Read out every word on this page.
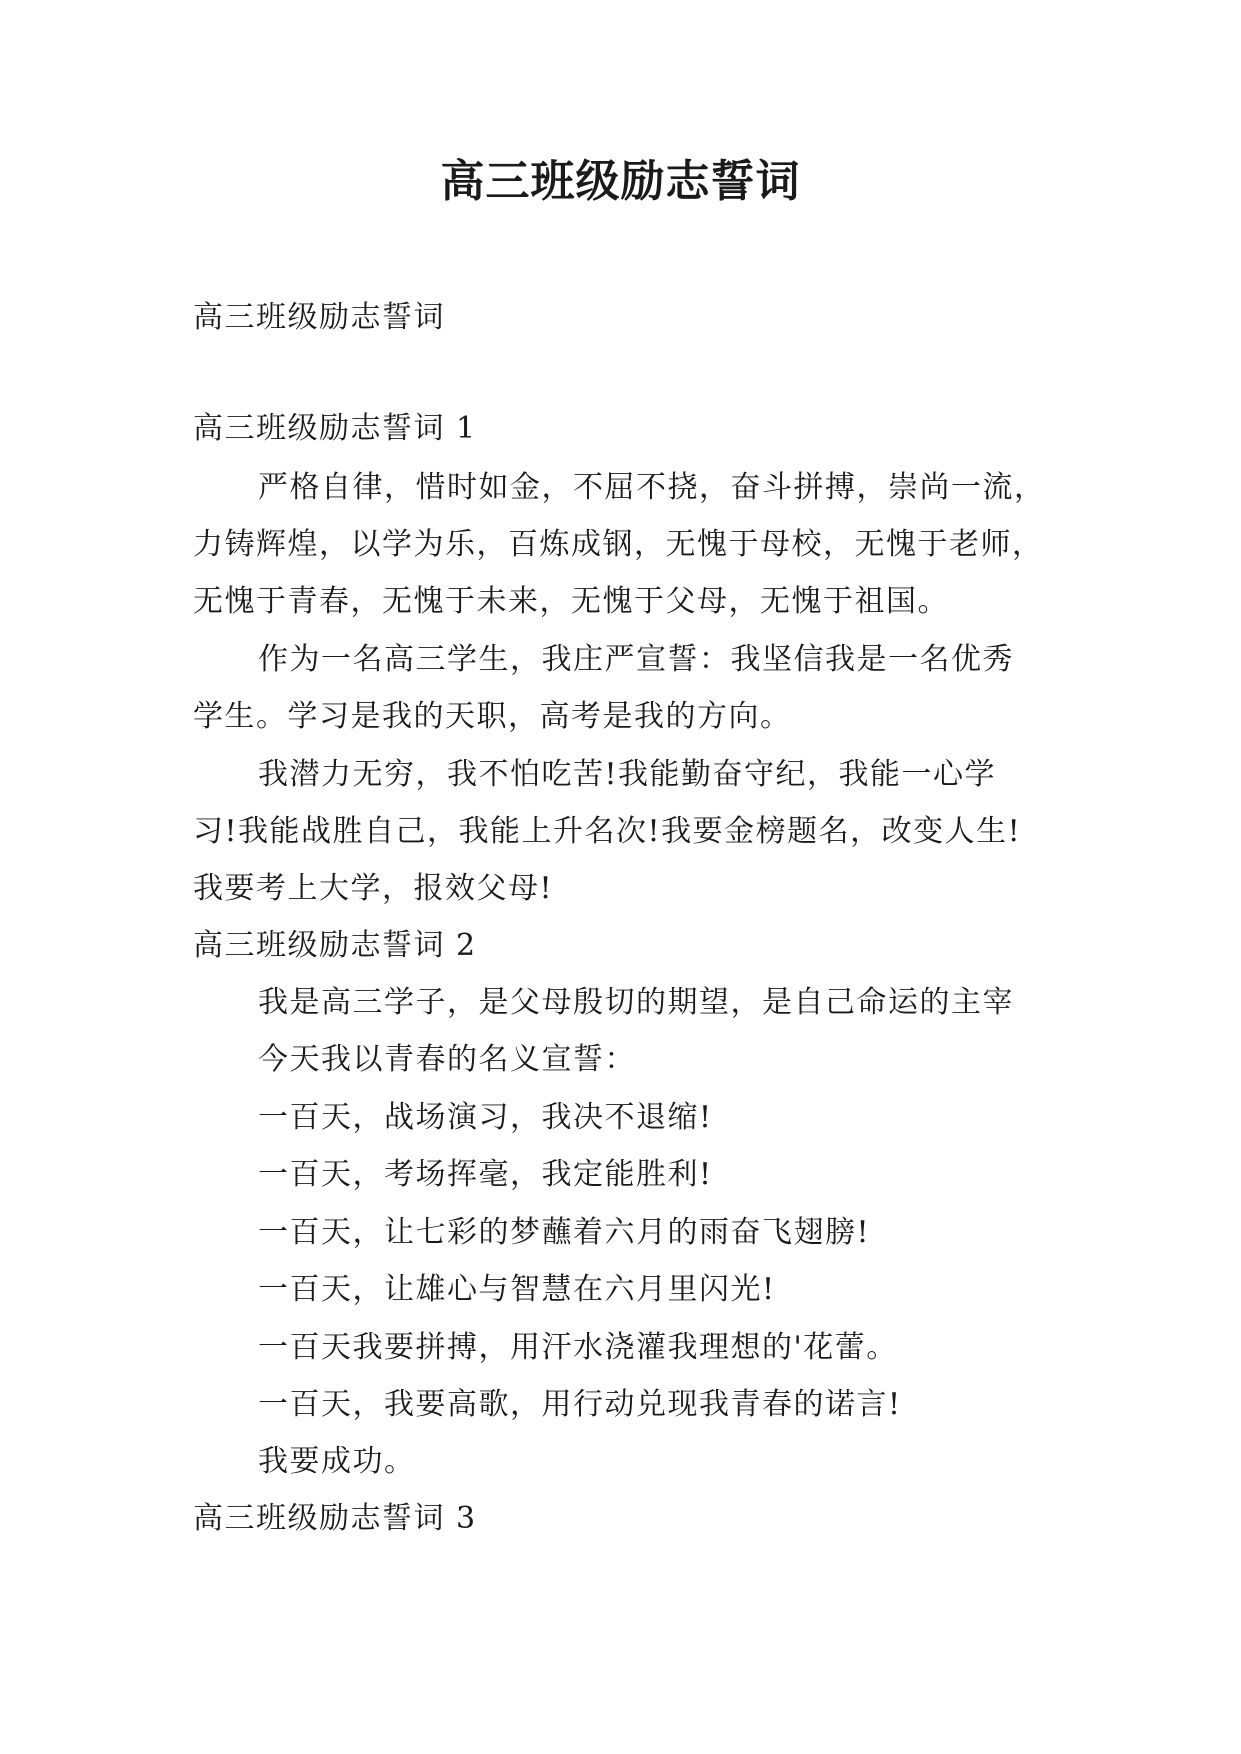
高三班级励志誓词
高三班级励志誓词
高三班级励志誓词 1
严格自律，惜时如金，不屈不挠，奋斗拼搏，崇尚一流，
力铸辉煌，以学为乐，百炼成钢，无愧于母校，无愧于老师，
无愧于青春，无愧于未来，无愧于父母，无愧于祖国。
作为一名高三学生，我庄严宣誓：我坚信我是一名优秀
学生。学习是我的天职，高考是我的方向。
我潜力无穷，我不怕吃苦!我能勤奋守纪，我能一心学
习!我能战胜自己，我能上升名次!我要金榜题名，改变人生!
我要考上大学，报效父母!
高三班级励志誓词 2
我是高三学子，是父母殷切的期望，是自己命运的主宰
今天我以青春的名义宣誓：
一百天，战场演习，我决不退缩!
一百天，考场挥毫，我定能胜利!
一百天，让七彩的梦蘸着六月的雨奋飞翅膀!
一百天，让雄心与智慧在六月里闪光!
一百天我要拼搏，用汗水浇灌我理想的'花蕾。
一百天，我要高歌，用行动兑现我青春的诺言!
我要成功。
高三班级励志誓词 3
